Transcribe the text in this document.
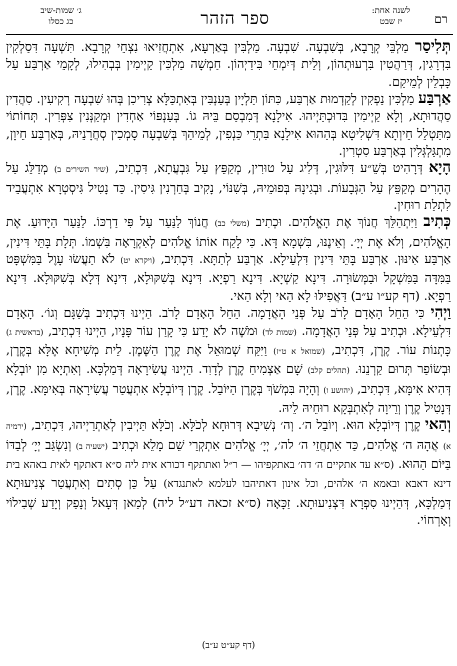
רם
לשנה אחת:
יז שבט
ספר הזהר
ג׳ שמות-שיב
כג כסלו

תְּלִיסַר מַלְבֵּי קְרָבָא, בְּשִׁבְעָה. שִׁבְעָה. מַלְבִּין בְּאַרְעָא, אִתְחֲזִיאוּ נִצְחֵי קְרָבָא. תִּשְׁעָה דִּסַלְקִין בִּדְרָגִין, דְּרַהֲטִין בִּרְעוּתְהוֹן, וְלֵית דְּיִמְחֵי בִּידַיְהוֹן. חַמְשָׁה מַלְכִּין קַיְימִין בְּבְהִילוּ, לְקָמֵי אַרְבַּע עַל כָּבְלֵין לְמֵיקַם.

אַרְבַּע מַלְכִּין נַפְקִין לְקַדְמוּת אַרְבַּע, כִּתּוֹן תַּלְיָין בְּעַנְבִּין בְּאִתְכַּלָּא צְרִיכִן בְּהוּ שִׁבְעָה רְקִיעִין. סִהֲדִין סַהֲדוּתָא, וְלָא קַיְימִין בִּדוּכְתַּיְיהוּ. אִילָנָא דְּמִבְסַם בֵּיהּ גוֹ. בְּעַנְפּוֹי אַחְדִין וּמְקַנְּנִין צִפְּרִין. תְּחוֹתוֹי מִתַּטְלֵל חֵיוְתָא דִּשְׁלִיטָא בְּהַהוּא אִילָנָא בִּתְרֵי כַּנְפִין, לְמֵיהַךְ בְּשִׁבְעָה סָמְכִין סְחֲרָנֵיהּ, בְּאַרְבַּע חֵיוָן, מִתְגַּלְגְּלִין בְּאַרְבַּע סִטְרִין.

הָיָא דְּרָהִיט בְּשֵׁ״ע דִּלּוּגִין, דְּלִיג עַל טוּרִין, מְקַפֵּץ עַל גִּבְעֲתָא, דִּכְתִיב, (שיר השירים ב) מְדַלֵּג עַל הֶהָרִים מְקַפֵּץ עַל הַגְּבָעוֹת. וּבְגִינָהּ בְּפוּמֵיהּ, בְּשִׁנּוֹי, נָקִיב בְּחַרְנִין גִּיסִין. כַּד נָטִיל גִּיסְטְרָא אִתְעֲבֵיד לִתְלַת רוּחִין.

כְּתִיב וַיִּתְהַלֵּךְ חֲנוֹךְ אֶת הָאֱלֹהִים. וּכְתִיב (משלי כב) חֲנוֹךְ לַנַּעַר עַל פִּי דַרְכּוֹ. לַנַּעַר הַיָּדוּעַ. אֶת הָאֱלֹהִים, וְלֹא אֶת יְיָ׳. וְאֵינֶנּוּ, בִּשְׁמָא דָּא. כִּי לָקַח אוֹתוֹ אֱלֹהִים לְאִקְרָאָה בִּשְׁמוֹ. תְּלָת בָּתֵּי דִּינִין, אַרְבַּע אִינּוּן. אַרְבַּע בָּתֵּי דִּינִין דִּלְעֵילָא. אַרְבַּע לְתַתָּא. דִּכְתִיב, (ויקרא יט) לֹא תַעֲשׂוּ עָוֶל בַּמִּשְׁפָּט בַּמִּדָּה בַּמִּשְׁקָל וּבַמְּשׂוּרָה. דִּינָא קַשְׁיָא. דִּינָא רַפְיָא. דִּינָא בְּשִׁקּוּלָא, דִּינָא דְּלָא בְּשִׁקּוּלָא. דִּינָא רַפְיָא. (דף קע״ו ע״ב) דַּאֲפִילּוּ לָא הַאי וְלָא הַאי.

וַיְהִי כִּי הֵחֵל הָאָדָם לָרֹב עַל פְּנֵי הָאֲדָמָה. הֵחֵל הָאָדָם לָרֹב. הַיְינוּ דִּכְתִיב בְּשַׁגָּם וְגוֹ׳. הָאָדָם דִּלְעֵילָא. וּכְתִיב עַל פְּנֵי הָאֲדָמָה. (שמות לד) וּמֹשֶׁה לֹא יָדַע כִּי קָרַן עוֹר פָּנָיו, הַיְינוּ דִּכְתִיב, (בראשית ג) כָּתְנוֹת עוֹר. קֶרֶן, דִּכְתִיב, (שמואל א ט״ז) וַיִּקַּח שְׁמוּאֵל אֶת קֶרֶן הַשֶּׁמֶן. לֵית מְשִׁיחָא אֶלָּא בְּקֶרֶן, וּבְשׂוֹפַר תְּרוּם קַרְנֵנוּ. (תהלים קלב) שָׁם אַצְמִיחַ קֶרֶן לְדָוִד. הַיְינוּ עֲשִׂירָאָה דְּמַלְכָּא. וְאִתְיָא מִן יוֹבְלָא דְּהִיא אִימָּא, דִּכְתִיב, (יהושע ו) וְהָיָה בִּמְשֹׁךְ בְּקֶרֶן הַיּוֹבֵל. קֶרֶן דְּיוֹבְלָא אִתְעֲטַר עֲשִׂירָאָה בְּאִימָּא. קֶרֶן, דְּנָטִיל קֶרֶן וְרֵיוָה לְאִתְבְּקָא רוּחֵיהּ לֵיהּ.

וְהַאי קֶרֶן דְּיוֹבְלָא הוּא. וְיוֹבֵל ה׳. וְה׳ נְשִׁיבָא דְּרוּחָא לְכֹלָּא. וְכֹלָּא תַּיְיבִין לְאַתְרַיְיהוּ, דִּכְתִיב, (ירמיה א) אֲהָהּ ה׳ אֱלֹהִים, כַּד אִתְחֲזֵי ה׳ לה׳, יְיָ׳ אֱלֹהִים אִתְקְרֵי שֵׁם מָלֵא וּכְתִיב (ישעיה ב) וְנִשְׂגַּב יְיָ׳ לְבַדּוֹ בַּיּוֹם הַהוּא. (ס״א עד אתקיים ה׳ דה׳ באתקפיהו — ר״ל ואתתקף דכורא אית ליה ס״א דאתקף לאית באהא בית דינא דאבא ובאמא ה׳ אלהים, וכל אינון דאתיהבו לעלמא לאתנגדא) עַל כֵּן סְתִים וְאִתְעֲטַר צְנִיעוּתָא דְּמַלְכָּא, דְּהַיְינוּ סִפְרָא דִּצְנִיעוּתָא. זַכָּאָה (ס״א זכאה דע״ל ליה) לְמַאן דְּעָאל וְנָפַק וְיָדַע שְׁבִילוֹי וְאָרְחוֹי.

(דף קע״ט ע״ב)
